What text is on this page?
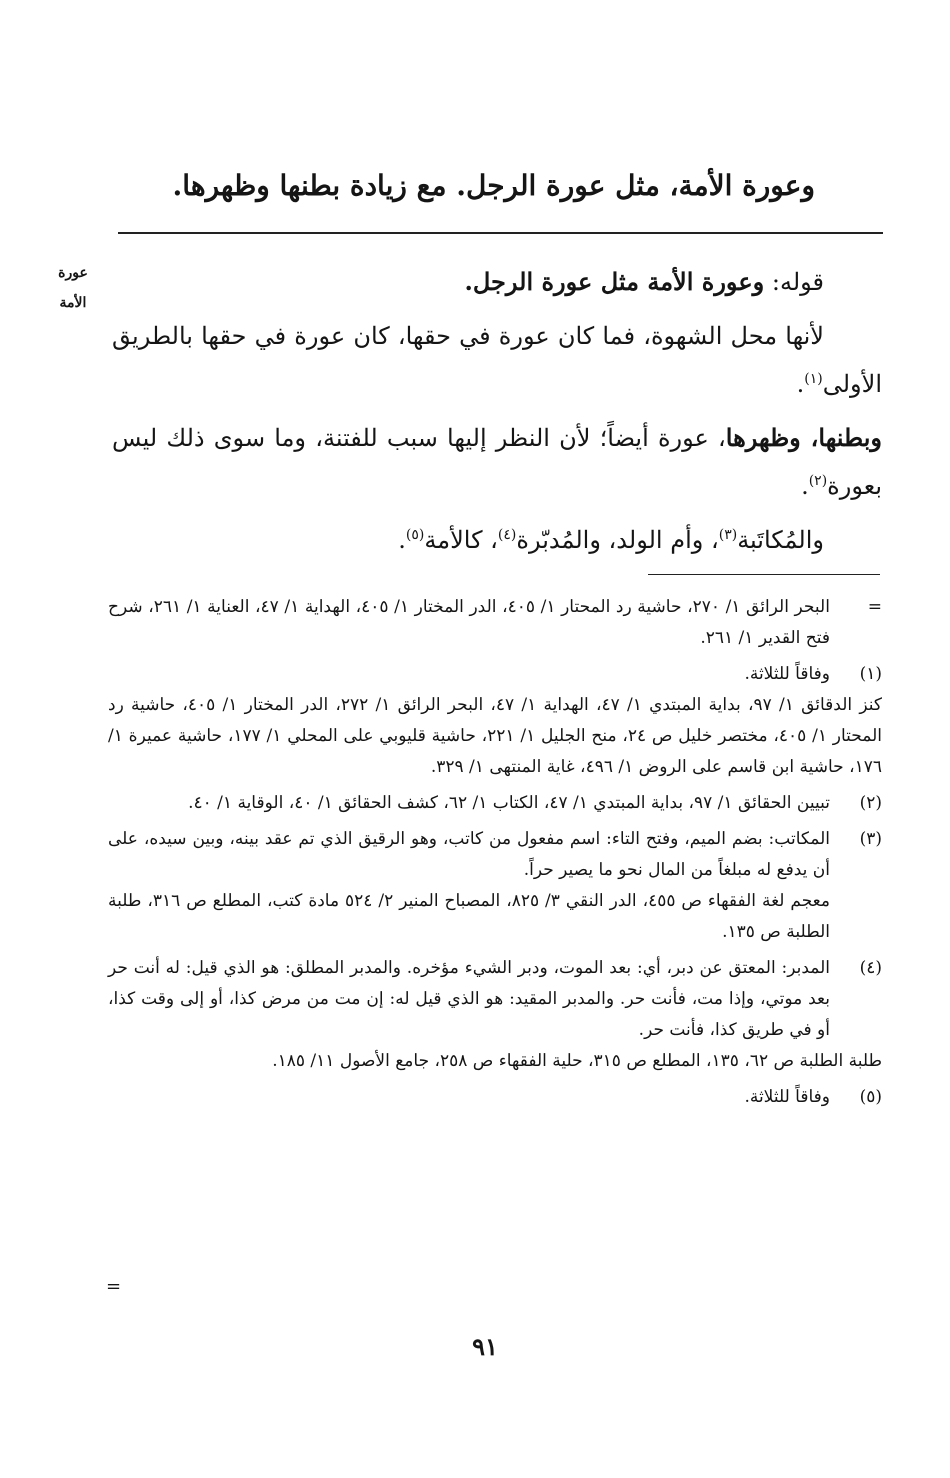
وعورة الأمة، مثل عورة الرجل. مع زيادة بطنها وظهرها.

عورة
الأمة

قوله: وعورة الأمة مثل عورة الرجل.

لأنها محل الشهوة، فما كان عورة في حقها، كان عورة في حقها بالطريق الأولى$^{(١)}$.

وبطنها، وظهرها، عورة أيضاً؛ لأن النظر إليها سبب للفتنة، وما سوى ذلك ليس بعورة$^{(٢)}$.

والمُكاتَبة$^{(٣)}$، وأم الولد، والمُدبّرة$^{(٤)}$، كالأمة$^{(٥)}$.

=
البحر الرائق ١/ ٢٧٠، حاشية رد المحتار ١/ ٤٠٥، الدر المختار ١/ ٤٠٥، الهداية ١/ ٤٧، العناية ١/ ٢٦١، شرح فتح القدير ١/ ٢٦١.
(١)
وفاقاً للثلاثة.
كنز الدقائق ١/ ٩٧، بداية المبتدي ١/ ٤٧، الهداية ١/ ٤٧، البحر الرائق ١/ ٢٧٢، الدر المختار ١/ ٤٠٥، حاشية رد المحتار ١/ ٤٠٥، مختصر خليل ص ٢٤، منح الجليل ١/ ٢٢١، حاشية قليوبي على المحلي ١/ ١٧٧، حاشية عميرة ١/ ١٧٦، حاشية ابن قاسم على الروض ١/ ٤٩٦، غاية المنتهى ١/ ٣٢٩.
(٢)
تبيين الحقائق ١/ ٩٧، بداية المبتدي ١/ ٤٧، الكتاب ١/ ٦٢، كشف الحقائق ١/ ٤٠، الوقاية ١/ ٤٠.
(٣)
المكاتب: بضم الميم، وفتح التاء: اسم مفعول من كاتب، وهو الرقيق الذي تم عقد بينه، وبين سيده، على أن يدفع له مبلغاً من المال نحو ما يصير حراً.
معجم لغة الفقهاء ص ٤٥٥، الدر النقي ٣/ ٨٢٥، المصباح المنير ٢/ ٥٢٤ مادة كتب، المطلع ص ٣١٦، طلبة الطلبة ص ١٣٥.
(٤)
المدبر: المعتق عن دبر، أي: بعد الموت، ودبر الشيء مؤخره. والمدبر المطلق: هو الذي قيل: له أنت حر بعد موتي، وإذا مت، فأنت حر. والمدبر المقيد: هو الذي قيل له: إن مت من مرض كذا، أو إلى وقت كذا، أو في طريق كذا، فأنت حر.
طلبة الطلبة ص ٦٢، ١٣٥، المطلع ص ٣١٥، حلية الفقهاء ص ٢٥٨، جامع الأصول ١١/ ١٨٥.
(٥)
وفاقاً للثلاثة.
=
٩١
